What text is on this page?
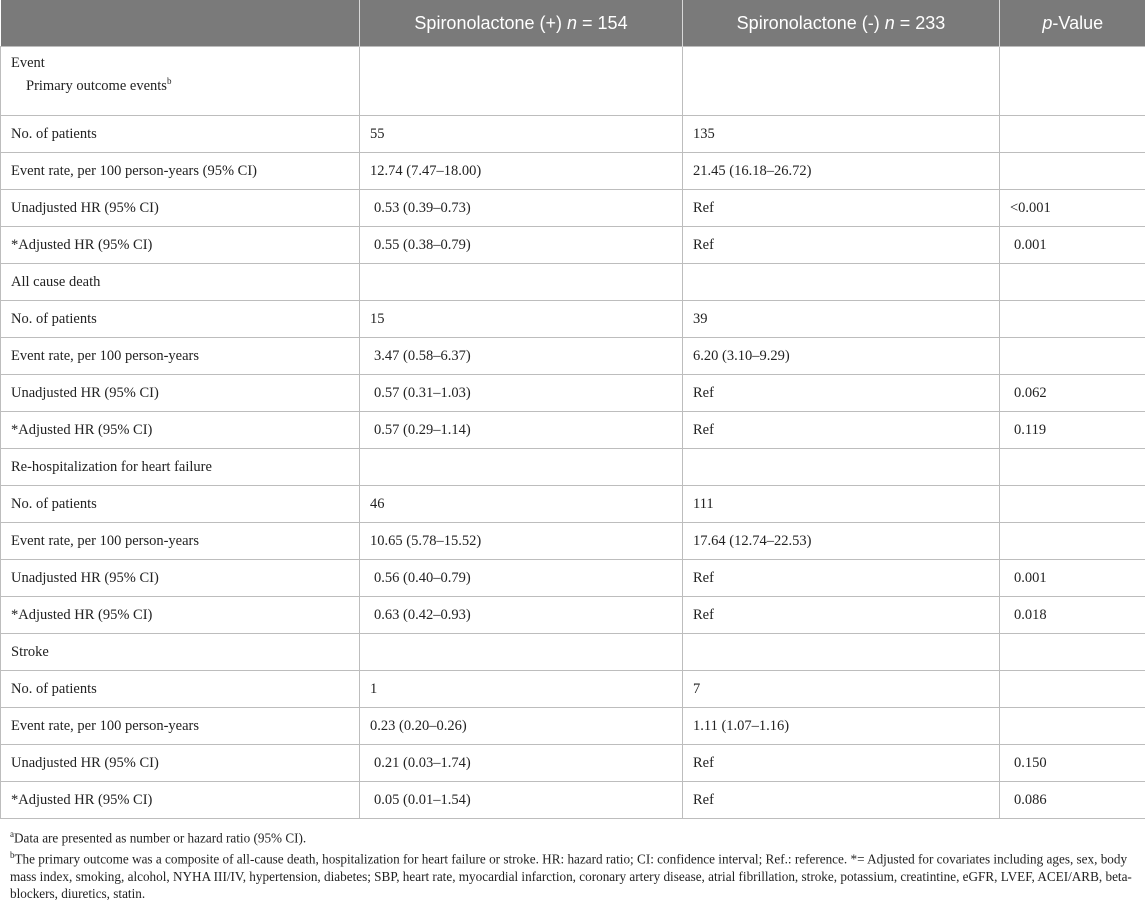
	Spironolactone (+) n = 154	Spironolactone (-) n = 233	p-Value
Event
Primary outcome events$^b$

No. of patients	55	135	
Event rate, per 100 person-years (95% CI)	12.74 (7.47–18.00)	21.45 (16.18–26.72)	
Unadjusted HR (95% CI)	0.53 (0.39–0.73)	Ref	<0.001
*Adjusted HR (95% CI)	0.55 (0.38–0.79)	Ref	0.001
All cause death			
No. of patients	15	39	
Event rate, per 100 person-years	3.47 (0.58–6.37)	6.20 (3.10–9.29)	
Unadjusted HR (95% CI)	0.57 (0.31–1.03)	Ref	0.062
*Adjusted HR (95% CI)	0.57 (0.29–1.14)	Ref	0.119
Re-hospitalization for heart failure			
No. of patients	46	111	
Event rate, per 100 person-years	10.65 (5.78–15.52)	17.64 (12.74–22.53)	
Unadjusted HR (95% CI)	0.56 (0.40–0.79)	Ref	0.001
*Adjusted HR (95% CI)	0.63 (0.42–0.93)	Ref	0.018
Stroke			
No. of patients	1	7	
Event rate, per 100 person-years	0.23 (0.20–0.26)	1.11 (1.07–1.16)	
Unadjusted HR (95% CI)	0.21 (0.03–1.74)	Ref	0.150
*Adjusted HR (95% CI)	0.05 (0.01–1.54)	Ref	0.086

$^a$Data are presented as number or hazard ratio (95% CI).

$^b$The primary outcome was a composite of all-cause death, hospitalization for heart failure or stroke. HR: hazard ratio; CI: confidence interval; Ref.: reference. *= Adjusted for covariates including ages, sex, body mass index, smoking, alcohol, NYHA III/IV, hypertension, diabetes; SBP, heart rate, myocardial infarction, coronary artery disease, atrial fibrillation, stroke, potassium, creatintine, eGFR, LVEF, ACEI/ARB, beta-blockers, diuretics, statin.
